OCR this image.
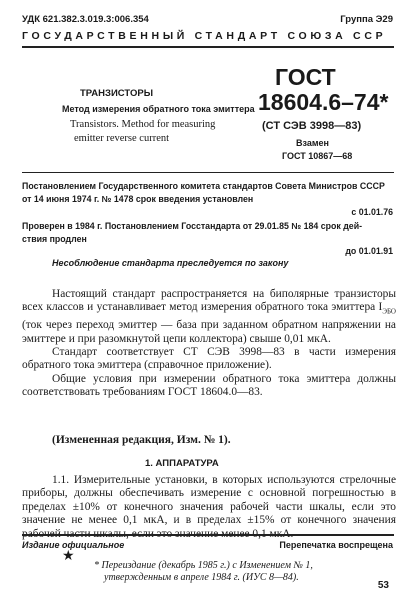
УДК 621.382.3.019.3:006.354	Группа Э29
ГОСУДАРСТВЕННЫЙ СТАНДАРТ СОЮЗА ССР
ТРАНЗИСТОРЫ
Метод измерения обратного тока эмиттера
Transistors. Method for measuring
emitter reverse current
ГОСТ
18604.6–74*
(СТ СЭВ 3998—83)
Взамен
ГОСТ 10867—68
Постановлением Государственного комитета стандартов Совета Министров СССР
от 14 июня 1974 г. № 1478 срок введения установлен
с 01.01.76
Проверен в 1984 г. Постановлением Госстандарта от 29.01.85 № 184 срок дей-
ствия продлен
до 01.01.91
Несоблюдение стандарта преследуется по закону

Настоящий стандарт распространяется на биполярные транзисторы всех классов и устанавливает метод измерения обратного тока эмиттера $I_{ЭБО}$ (ток через переход эмиттер — база при заданном обратном напряжении на эмиттере и при разомкнутой цепи коллектора) свыше 0,01 мкА.

Стандарт соответствует СТ СЭВ 3998—83 в части измерения обратного тока эмиттера (справочное приложение).

Общие условия при измерении обратного тока эмиттера должны соответствовать требованиям ГОСТ 18604.0—83.

(Измененная редакция, Изм. № 1).
1. АППАРАТУРА

1.1. Измерительные установки, в которых используются стрелочные приборы, должны обеспечивать измерение с основной погрешностью в пределах ±10% от конечного значения рабочей части шкалы, если это значение не менее 0,1 мкА, и в пределах ±15% от конечного значения рабочей части шкалы, если это значение менее 0,1 мкА.

Издание официальное	Перепечатка воспрещена
★
* Переиздание (декабрь 1985 г.) с Изменением № 1,
утвержденным в апреле 1984 г. (ИУС 8—84).
53
